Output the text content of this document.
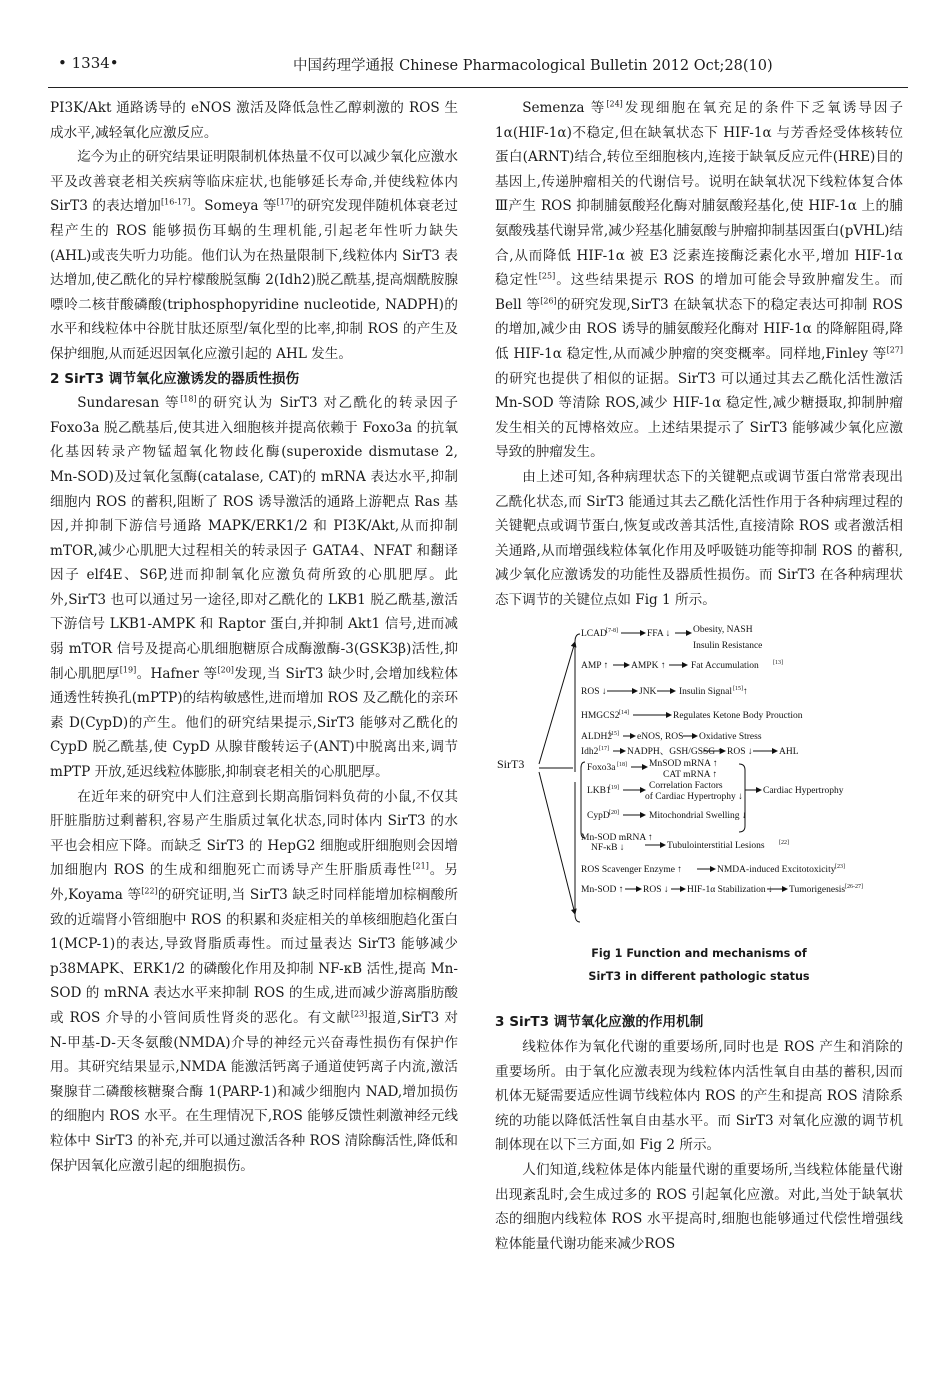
• 1334•	中国药理学通报 Chinese Pharmacological Bulletin 2012 Oct;28(10)

PI3K/Akt 通路诱导的 eNOS 激活及降低急性乙醇刺激的 ROS 生成水平,减轻氧化应激反应。

迄今为止的研究结果证明限制机体热量不仅可以减少氧化应激水平及改善衰老相关疾病等临床症状,也能够延长寿命,并使线粒体内 SirT3 的表达增加[16-17]。Someya 等[17]的研究发现伴随机体衰老过程产生的 ROS 能够损伤耳蜗的生理机能,引起老年性听力缺失(AHL)或丧失听力功能。他们认为在热量限制下,线粒体内 SirT3 表达增加,使乙酰化的异柠檬酸脱氢酶 2(Idh2)脱乙酰基,提高烟酰胺腺嘌呤二核苷酸磷酸(triphosphopyridine nucleotide, NADPH)的水平和线粒体中谷胱甘肽还原型/氧化型的比率,抑制 ROS 的产生及保护细胞,从而延迟因氧化应激引起的 AHL 发生。

2 SirT3 调节氧化应激诱发的器质性损伤

Sundaresan 等[18]的研究认为 SirT3 对乙酰化的转录因子 Foxo3a 脱乙酰基后,使其进入细胞核并提高依赖于 Foxo3a 的抗氧化基因转录产物锰超氧化物歧化酶(superoxide dismutase 2, Mn-SOD)及过氧化氢酶(catalase, CAT)的 mRNA 表达水平,抑制细胞内 ROS 的蓄积,阻断了 ROS 诱导激活的通路上游靶点 Ras 基因,并抑制下游信号通路 MAPK/ERK1/2 和 PI3K/Akt,从而抑制 mTOR,减少心肌肥大过程相关的转录因子 GATA4、NFAT 和翻译因子 elf4E、S6P,进而抑制氧化应激负荷所致的心肌肥厚。此外,SirT3 也可以通过另一途径,即对乙酰化的 LKB1 脱乙酰基,激活下游信号 LKB1-AMPK 和 Raptor 蛋白,并抑制 Akt1 信号,进而减弱 mTOR 信号及提高心肌细胞糖原合成酶激酶-3(GSK3β)活性,抑制心肌肥厚[19]。Hafner 等[20]发现,当 SirT3 缺少时,会增加线粒体通透性转换孔(mPTP)的结构敏感性,进而增加 ROS 及乙酰化的亲环素 D(CypD)的产生。他们的研究结果提示,SirT3 能够对乙酰化的 CypD 脱乙酰基,使 CypD 从腺苷酸转运子(ANT)中脱离出来,调节 mPTP 开放,延迟线粒体膨胀,抑制衰老相关的心肌肥厚。

在近年来的研究中人们注意到长期高脂饲料负荷的小鼠,不仅其肝脏脂肪过剩蓄积,容易产生脂质过氧化状态,同时体内 SirT3 的水平也会相应下降。而缺乏 SirT3 的 HepG2 细胞或肝细胞则会因增加细胞内 ROS 的生成和细胞死亡而诱导产生肝脂质毒性[21]。另外,Koyama 等[22]的研究证明,当 SirT3 缺乏时同样能增加棕榈酸所致的近端肾小管细胞中 ROS 的积累和炎症相关的单核细胞趋化蛋白 1(MCP-1)的表达,导致肾脂质毒性。而过量表达 SirT3 能够减少 p38MAPK、ERK1/2 的磷酸化作用及抑制 NF-κB 活性,提高 Mn-SOD 的 mRNA 表达水平来抑制 ROS 的生成,进而减少游离脂肪酸或 ROS 介导的小管间质性肾炎的恶化。有文献[23]报道,SirT3 对 N-甲基-D-天冬氨酸(NMDA)介导的神经元兴奋毒性损伤有保护作用。其研究结果显示,NMDA 能激活钙离子通道使钙离子内流,激活聚腺苷二磷酸核糖聚合酶 1(PARP-1)和减少细胞内 NAD,增加损伤的细胞内 ROS 水平。在生理情况下,ROS 能够反馈性刺激神经元线粒体中 SirT3 的补充,并可以通过激活各种 ROS 清除酶活性,降低和保护因氧化应激引起的细胞损伤。

Semenza 等[24]发现细胞在氧充足的条件下乏氧诱导因子 1α(HIF-1α)不稳定,但在缺氧状态下 HIF-1α 与芳香烃受体核转位蛋白(ARNT)结合,转位至细胞核内,连接于缺氧反应元件(HRE)目的基因上,传递肿瘤相关的代谢信号。说明在缺氧状况下线粒体复合体Ⅲ产生 ROS 抑制脯氨酸羟化酶对脯氨酸羟基化,使 HIF-1α 上的脯氨酸残基代谢异常,减少羟基化脯氨酸与肿瘤抑制基因蛋白(pVHL)结合,从而降低 HIF-1α 被 E3 泛素连接酶泛素化水平,增加 HIF-1α 稳定性[25]。这些结果提示 ROS 的增加可能会导致肿瘤发生。而 Bell 等[26]的研究发现,SirT3 在缺氧状态下的稳定表达可抑制 ROS 的增加,减少由 ROS 诱导的脯氨酸羟化酶对 HIF-1α 的降解阻碍,降低 HIF-1α 稳定性,从而减少肿瘤的突变概率。同样地,Finley 等[27]的研究也提供了相似的证据。SirT3 可以通过其去乙酰化活性激活 Mn-SOD 等清除 ROS,减少 HIF-1α 稳定性,减少糖摄取,抑制肿瘤发生相关的瓦博格效应。上述结果提示了 SirT3 能够减少氧化应激导致的肿瘤发生。

由上述可知,各种病理状态下的关键靶点或调节蛋白常常表现出乙酰化状态,而 SirT3 能通过其去乙酰化活性作用于各种病理过程的关键靶点或调节蛋白,恢复或改善其活性,直接清除 ROS 或者激活相关通路,从而增强线粒体氧化作用及呼吸链功能等抑制 ROS 的蓄积,减少氧化应激诱发的功能性及器质性损伤。而 SirT3 在各种病理状态下调节的关键位点如 Fig 1 所示。

SirT3
LCAD [7-8]	FFA ↓ Obesity, NASH
Insulin Resistance
AMP ↑ AMPK ↑	Fat Accumulation [13]
ROS ↓	JNK Insulin Signal [15] ↑
HMGCS2 [14]	Regulates Ketone Body Prouction
ALDH2
[15] eNOS, ROS Oxidative Stress
Idh2 [17] NADPH、GSH/GSSG ↑ ROS ↓	AHL
Foxo3a [18] MnSOD mRNA ↑
CAT mRNA ↑
LKB1
[19]	Correlation Factors
of Cardiac Hypertrophy ↓
Cardiac Hypertrophy
CypD [20]	Mitochondrial Swelling ↓
Mn-SOD mRNA ↑
NF-κB ↓	Tubulointerstitial Lesions [22]
ROS Scavenger Enzyme ↑	NMDA-induced Excitotoxicity [23]
Mn-SOD ↑ ROS ↓ HIF-1α Stabilization ↓ Tumorigenesis [26-27]
Fig 1 Function and mechanisms of
SirT3 in different pathologic status
3 SirT3 调节氧化应激的作用机制

线粒体作为氧化代谢的重要场所,同时也是 ROS 产生和消除的重要场所。由于氧化应激表现为线粒体内活性氧自由基的蓄积,因而机体无疑需要适应性调节线粒体内 ROS 的产生和提高 ROS 清除系统的功能以降低活性氧自由基水平。而 SirT3 对氧化应激的调节机制体现在以下三方面,如 Fig 2 所示。

人们知道,线粒体是体内能量代谢的重要场所,当线粒体能量代谢出现紊乱时,会生成过多的 ROS 引起氧化应激。对此,当处于缺氧状态的细胞内线粒体 ROS 水平提高时,细胞也能够通过代偿性增强线粒体能量代谢功能来减少ROS
